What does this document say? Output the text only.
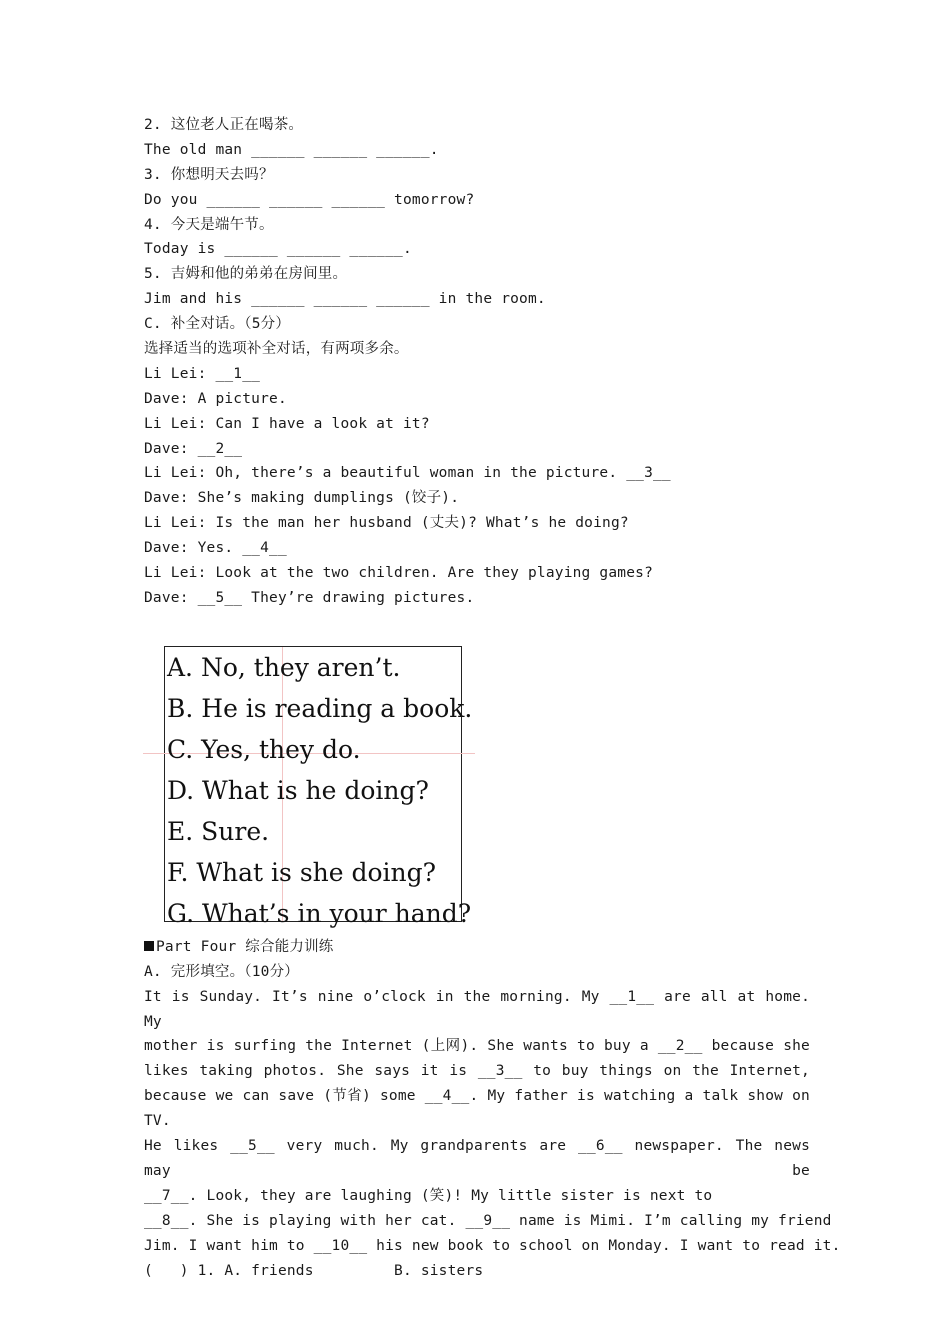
2. 这位老人正在喝茶。
The old man ______ ______ ______.
3. 你想明天去吗？
Do you ______ ______ ______ tomorrow?
4. 今天是端午节。
Today is ______ ______ ______.
5. 吉姆和他的弟弟在房间里。
Jim and his ______ ______ ______ in the room.
C. 补全对话。（5分）
选择适当的选项补全对话，有两项多余。
Li Lei: __1__
Dave: A picture.
Li Lei: Can I have a look at it?
Dave: __2__
Li Lei: Oh, there’s a beautiful woman in the picture. __3__
Dave: She’s making dumplings (饺子).
Li Lei: Is the man her husband (丈夫)? What’s he doing?
Dave: Yes. __4__
Li Lei: Look at the two children. Are they playing games?
Dave: __5__ They’re drawing pictures.
A. No, they aren’t.
B. He is reading a book.
C. Yes, they do.
D. What is he doing?
E. Sure.
F. What is she doing?
G. What’s in your hand?
Part Four 综合能力训练
A. 完形填空。（10分）
It is Sunday. It’s nine o’clock in the morning. My __1__ are all at home. My
mother is surfing the Internet (上网). She wants to buy a __2__ because she
likes taking photos. She says it is __3__ to buy things on the Internet,
because we can save (节省) some __4__. My father is watching a talk show on TV.
He likes __5__ very much. My grandparents are __6__ newspaper. The news may be
__7__. Look, they are laughing (笑)! My little sister is next to
__8__. She is playing with her cat. __9__ name is Mimi. I’m calling my friend
Jim. I want him to __10__ his new book to school on Monday. I want to read it.
(   ) 1. A. friends         B. sisters
